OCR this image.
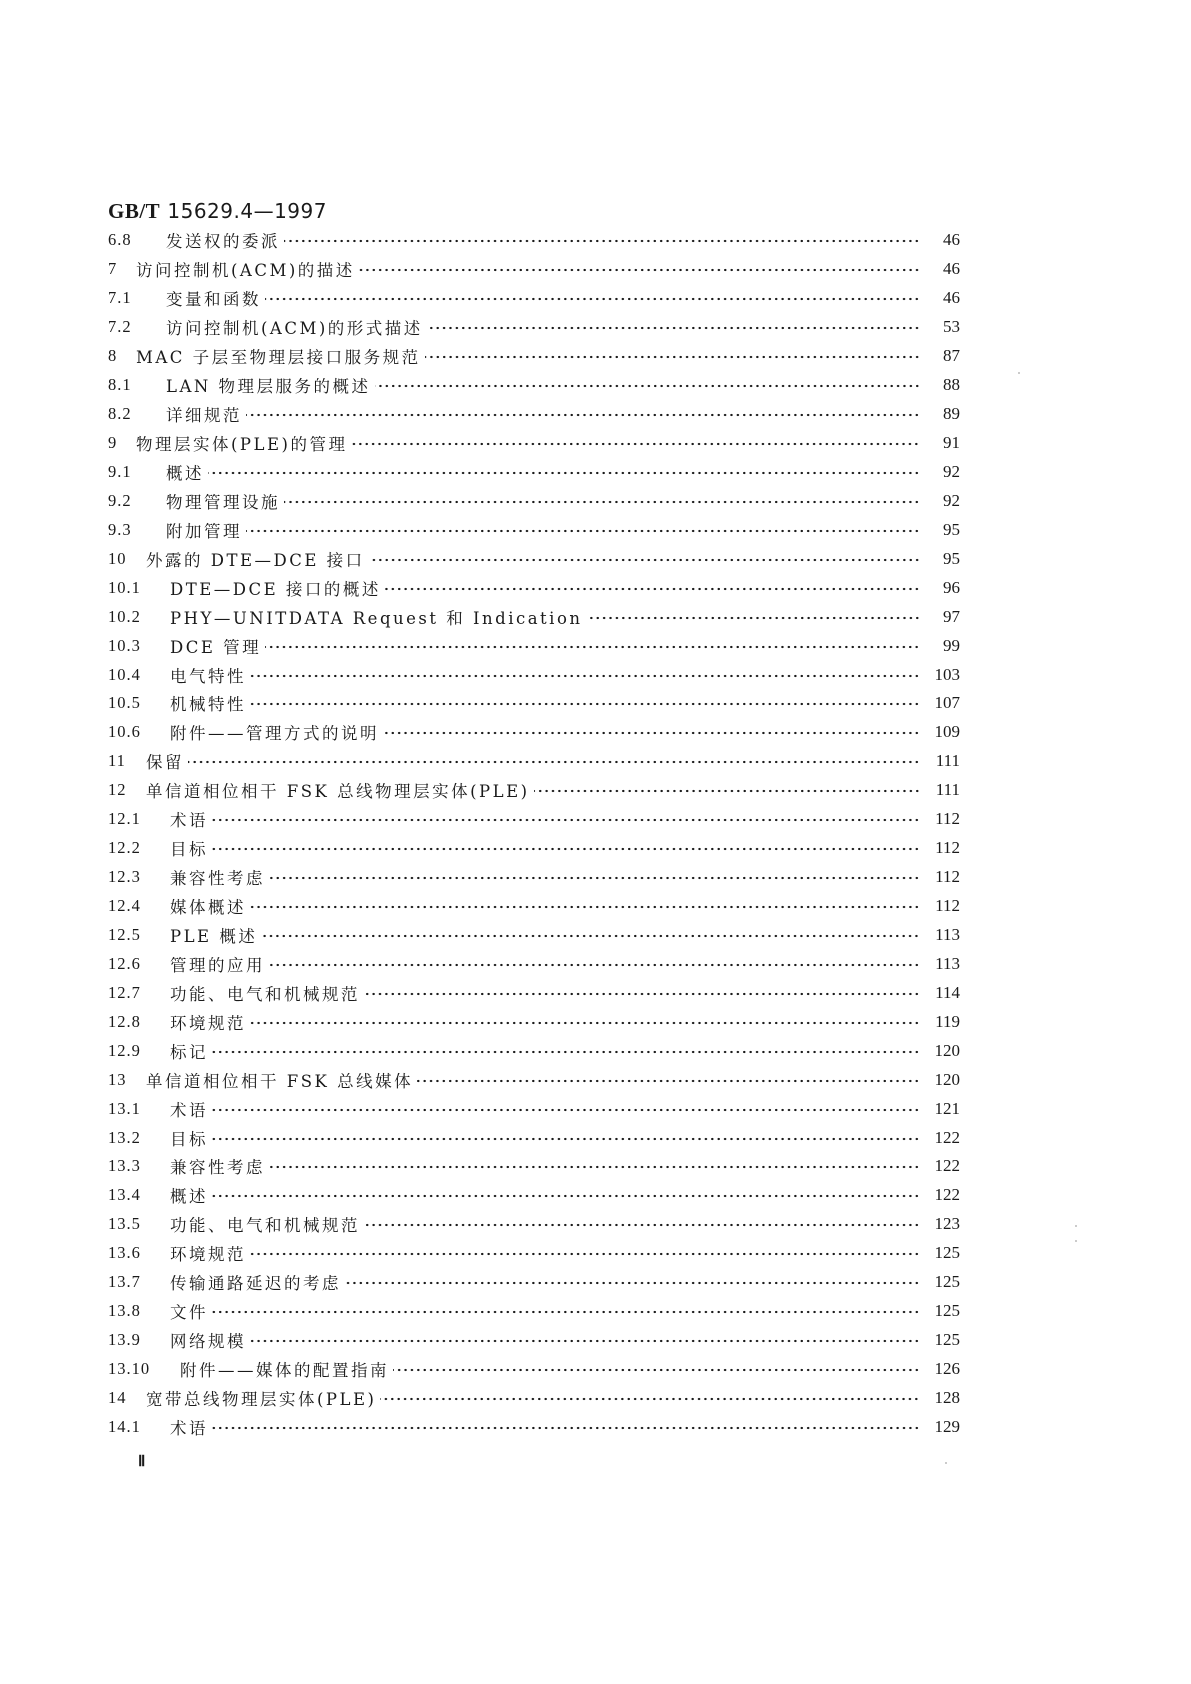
GB/T 15629.4—1997
6.8	发送权的委派	46
7	访问控制机(ACM)的描述	46
7.1	变量和函数	46
7.2	访问控制机(ACM)的形式描述	53
8	MAC 子层至物理层接口服务规范	87
8.1	LAN 物理层服务的概述	88
8.2	详细规范	89
9	物理层实体(PLE)的管理	91
9.1	概述	92
9.2	物理管理设施	92
9.3	附加管理	95
10	外露的 DTE—DCE 接口	95
10.1	DTE—DCE 接口的概述	96
10.2	PHY—UNITDATA Request 和 Indication	97
10.3	DCE 管理	99
10.4	电气特性	103
10.5	机械特性	107
10.6	附件——管理方式的说明	109
11	保留	111
12	单信道相位相干 FSK 总线物理层实体(PLE)	111
12.1	术语	112
12.2	目标	112
12.3	兼容性考虑	112
12.4	媒体概述	112
12.5	PLE 概述	113
12.6	管理的应用	113
12.7	功能、电气和机械规范	114
12.8	环境规范	119
12.9	标记	120
13	单信道相位相干 FSK 总线媒体	120
13.1	术语	121
13.2	目标	122
13.3	兼容性考虑	122
13.4	概述	122
13.5	功能、电气和机械规范	123
13.6	环境规范	125
13.7	传输通路延迟的考虑	125
13.8	文件	125
13.9	网络规模	125
13.10	附件——媒体的配置指南	126
14	宽带总线物理层实体(PLE)	128
14.1	术语	129
Ⅱ
